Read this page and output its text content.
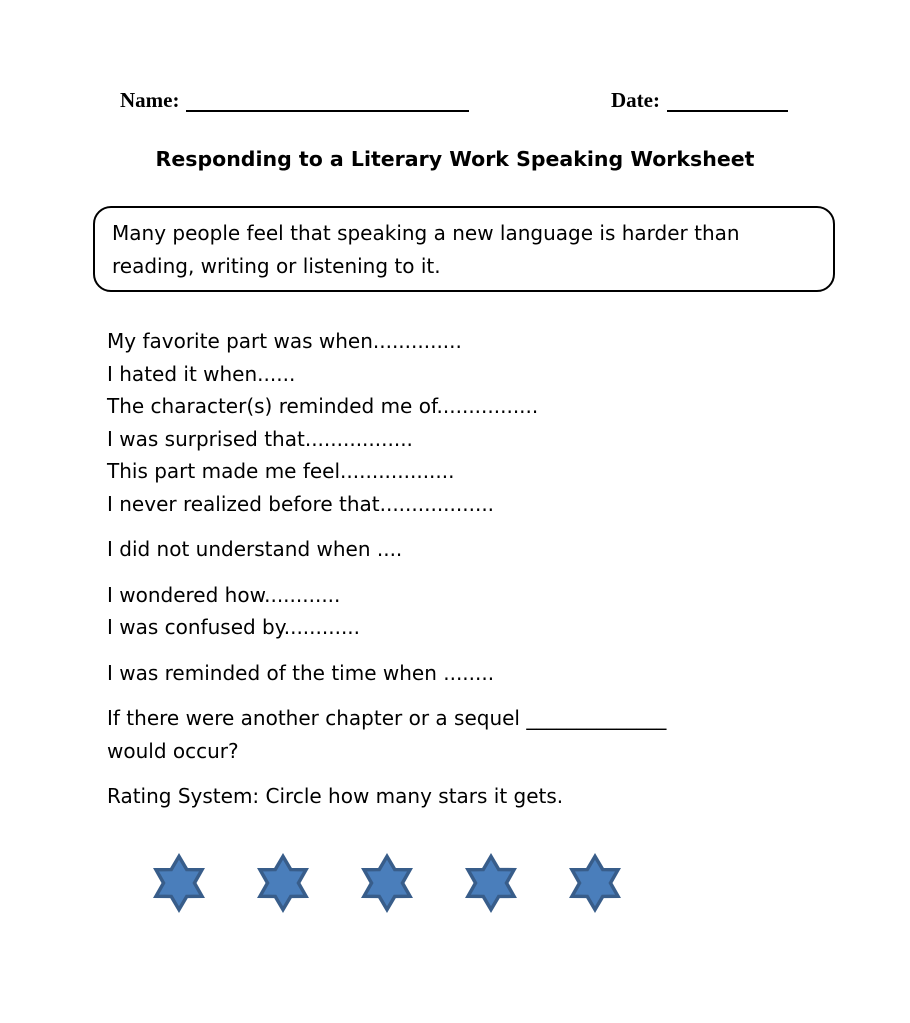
Name:	Date:
Responding to a Literary Work Speaking Worksheet

Many people feel that speaking a new language is harder than reading, writing or listening to it.

My favorite part was when..............
I hated it when......
The character(s) reminded me of................
I was surprised that.................
This part made me feel..................
I never realized before that..................
I did not understand when ....
I wondered how............
I was confused by............
I was reminded of the time when ........
If there were another chapter or a sequel ______________ would occur?
Rating System: Circle how many stars it gets.
